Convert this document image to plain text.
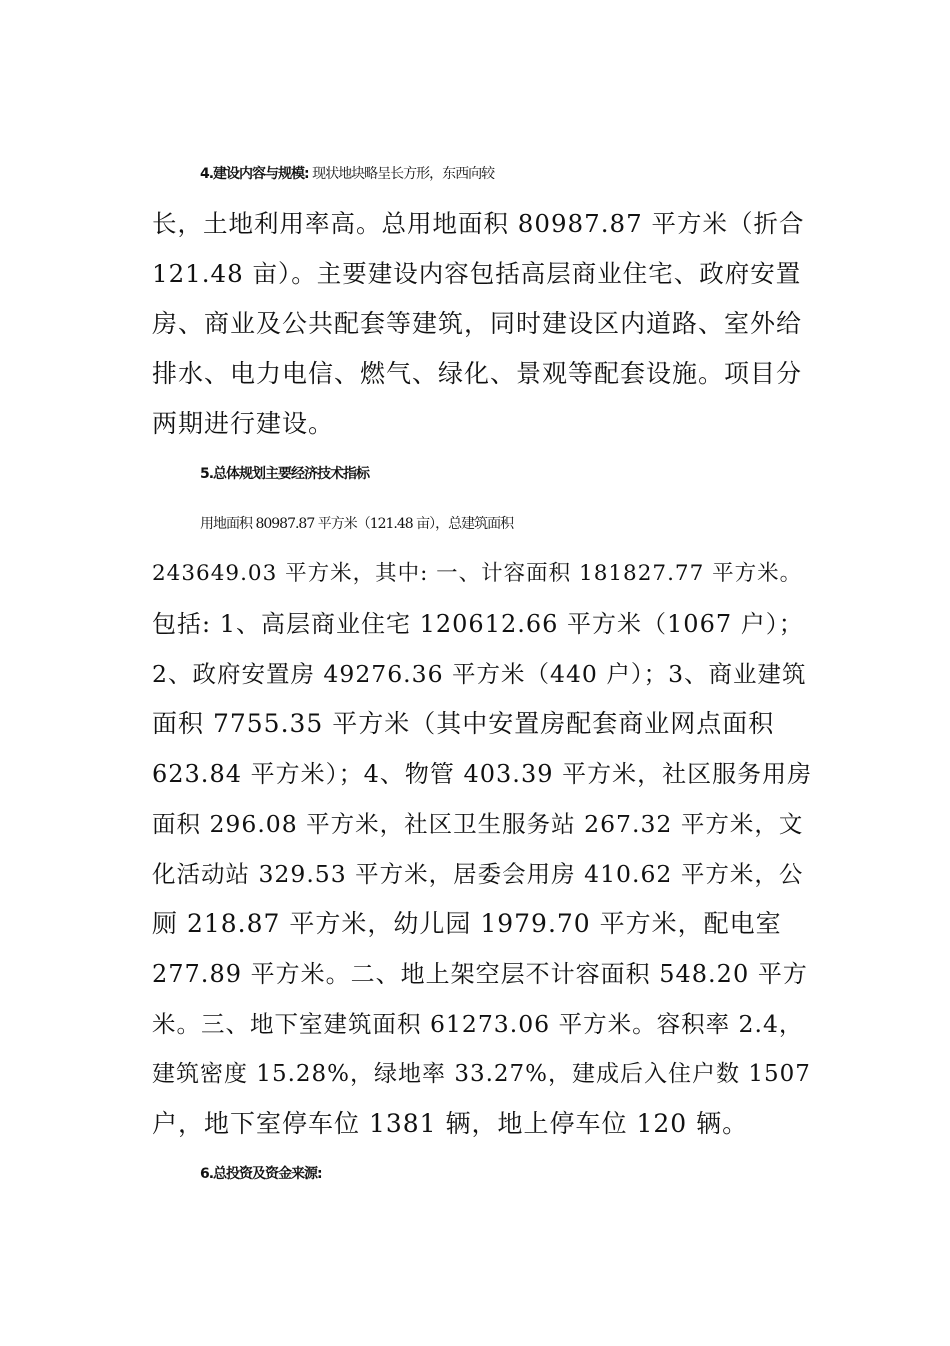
4.建设内容与规模: 现状地块略呈长方形，东西向较
长，土地利用率高。总用地面积 80987.87 平方米（折合
121.48 亩）。主要建设内容包括高层商业住宅、政府安置
房、商业及公共配套等建筑，同时建设区内道路、室外给
排水、电力电信、燃气、绿化、景观等配套设施。项目分
两期进行建设。
5.总体规划主要经济技术指标
用地面积 80987.87 平方米（121.48 亩），总建筑面积
243649.03 平方米，其中: 一、计容面积 181827.77 平方米。
包括: 1、高层商业住宅 120612.66 平方米（1067 户）；
2、政府安置房 49276.36 平方米（440 户）；3、商业建筑
面积 7755.35 平方米（其中安置房配套商业网点面积
623.84 平方米）；4、物管 403.39 平方米，社区服务用房
面积 296.08 平方米，社区卫生服务站 267.32 平方米，文
化活动站 329.53 平方米，居委会用房 410.62 平方米，公
厕 218.87 平方米，幼儿园 1979.70 平方米，配电室
277.89 平方米。二、地上架空层不计容面积 548.20 平方
米。三、地下室建筑面积 61273.06 平方米。容积率 2.4，
建筑密度 15.28%，绿地率 33.27%，建成后入住户数 1507
户，地下室停车位 1381 辆，地上停车位 120 辆。
6.总投资及资金来源:
